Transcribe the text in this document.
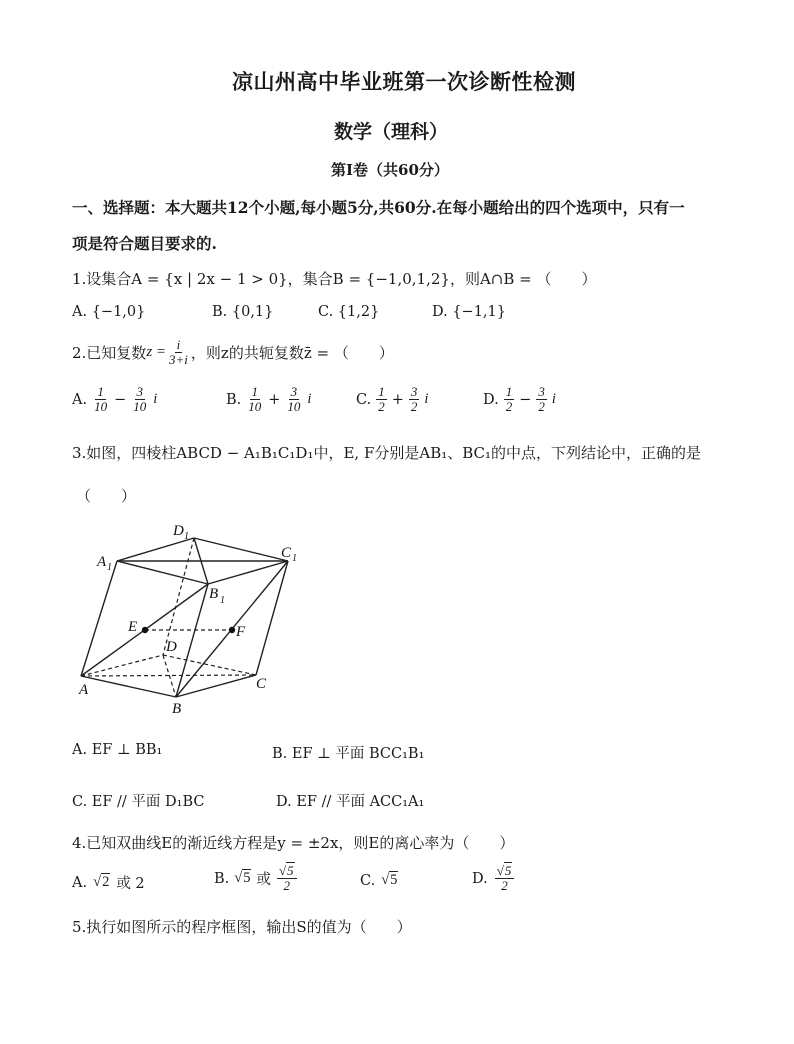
凉山州高中毕业班第一次诊断性检测
数学（理科）
第Ⅰ卷（共60分）
一、选择题：本大题共12个小题,每小题5分,共60分.在每小题给出的四个选项中，只有一
项是符合题目要求的.
1.设集合A = {x | 2x − 1 > 0}，集合B = {−1,0,1,2}，则A∩B = （　　）
A. {−1,0}	B. {0,1}	C. {1,2}	D. {−1,1}
2.已知复数 $z = \frac{i}{3+i}$ ，则z的共轭复数z̄ = （　　）
A. $\frac{1}{10} - \frac{3}{10}$ i	B. $\frac{1}{10} + \frac{3}{10}$ i	C. $\frac{1}{2} + \frac{3}{2}$ i	D. $\frac{1}{2} - \frac{3}{2}$ i
3.如图，四棱柱ABCD − A₁B₁C₁D₁中，E, F分别是AB₁、BC₁的中点，下列结论中，正确的是
（　　）
A 1
D 1
C 1
B 1
E	F
D
A
B
C
A. EF ⊥ BB₁	B. EF ⊥ 平面 BCC₁B₁
C. EF // 平面 D₁BC	D. EF // 平面 ACC₁A₁
4.已知双曲线E的渐近线方程是y = ±2x，则E的离心率为（　　）
A. √2 或 2	B. √5 或 $\frac{√5}{2}$	C. √5	D. $\frac{√5}{2}$
5.执行如图所示的程序框图，输出S的值为（　　）
